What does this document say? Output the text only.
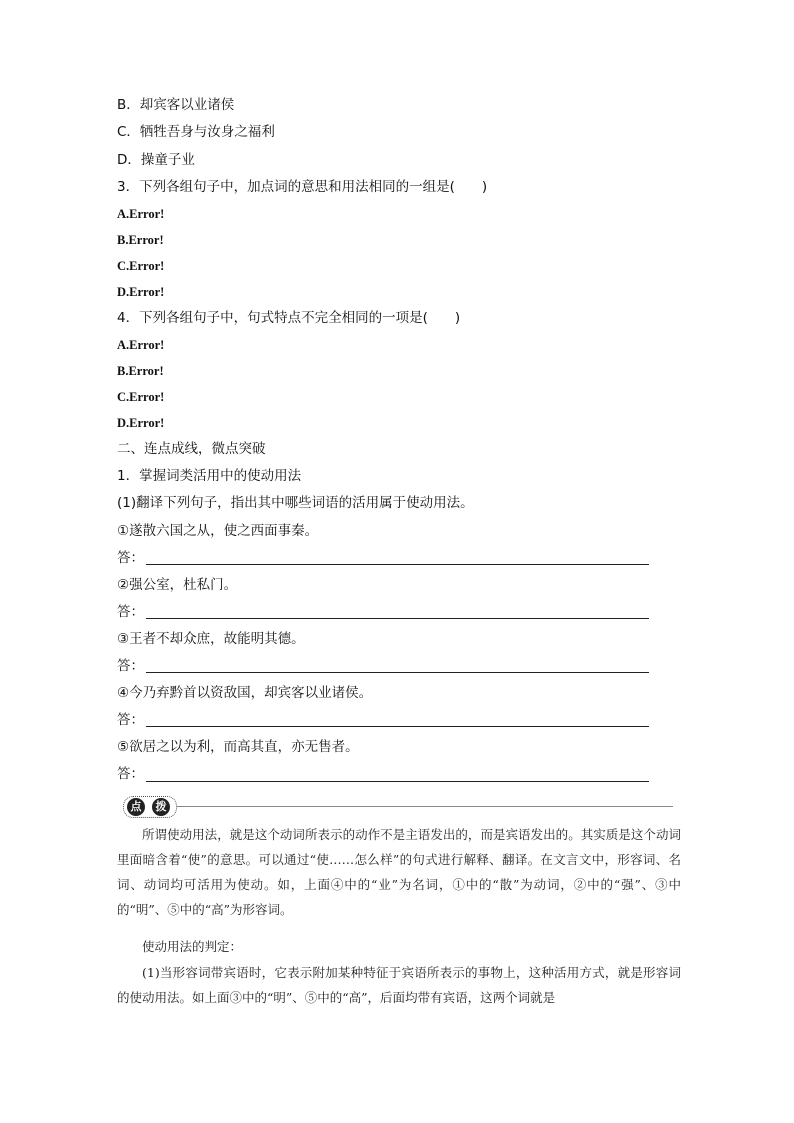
B．却宾客以业诸侯
C．牺牲吾身与汝身之福利
D．操童子业
3．下列各组句子中，加点词的意思和用法相同的一组是(　　)
A.Error!
B.Error!
C.Error!
D.Error!
4．下列各组句子中，句式特点不完全相同的一项是(　　)
A.Error!
B.Error!
C.Error!
D.Error!
二、连点成线，微点突破
1．掌握词类活用中的使动用法
(1)翻译下列句子，指出其中哪些词语的活用属于使动用法。
①遂散六国之从，使之西面事秦。
答：
②强公室，杜私门。
答：
③王者不却众庶，故能明其德。
答：
④今乃弃黔首以资敌国，却宾客以业诸侯。
答：
⑤欲居之以为利，而高其直，亦无售者。
答：
点	拨
所谓使动用法，就是这个动词所表示的动作不是主语发出的，而是宾语发出的。其实质是这个动词里面暗含着“使”的意思。可以通过“使……怎么样”的句式进行解释、翻译。在文言文中，形容词、名词、动词均可活用为使动。如，上面④中的“业”为名词，①中的“散”为动词，②中的“强”、③中的“明”、⑤中的“高”为形容词。
使动用法的判定：
(1)当形容词带宾语时，它表示附加某种特征于宾语所表示的事物上，这种活用方式，就是形容词的使动用法。如上面③中的“明”、⑤中的“高”，后面均带有宾语，这两个词就是
